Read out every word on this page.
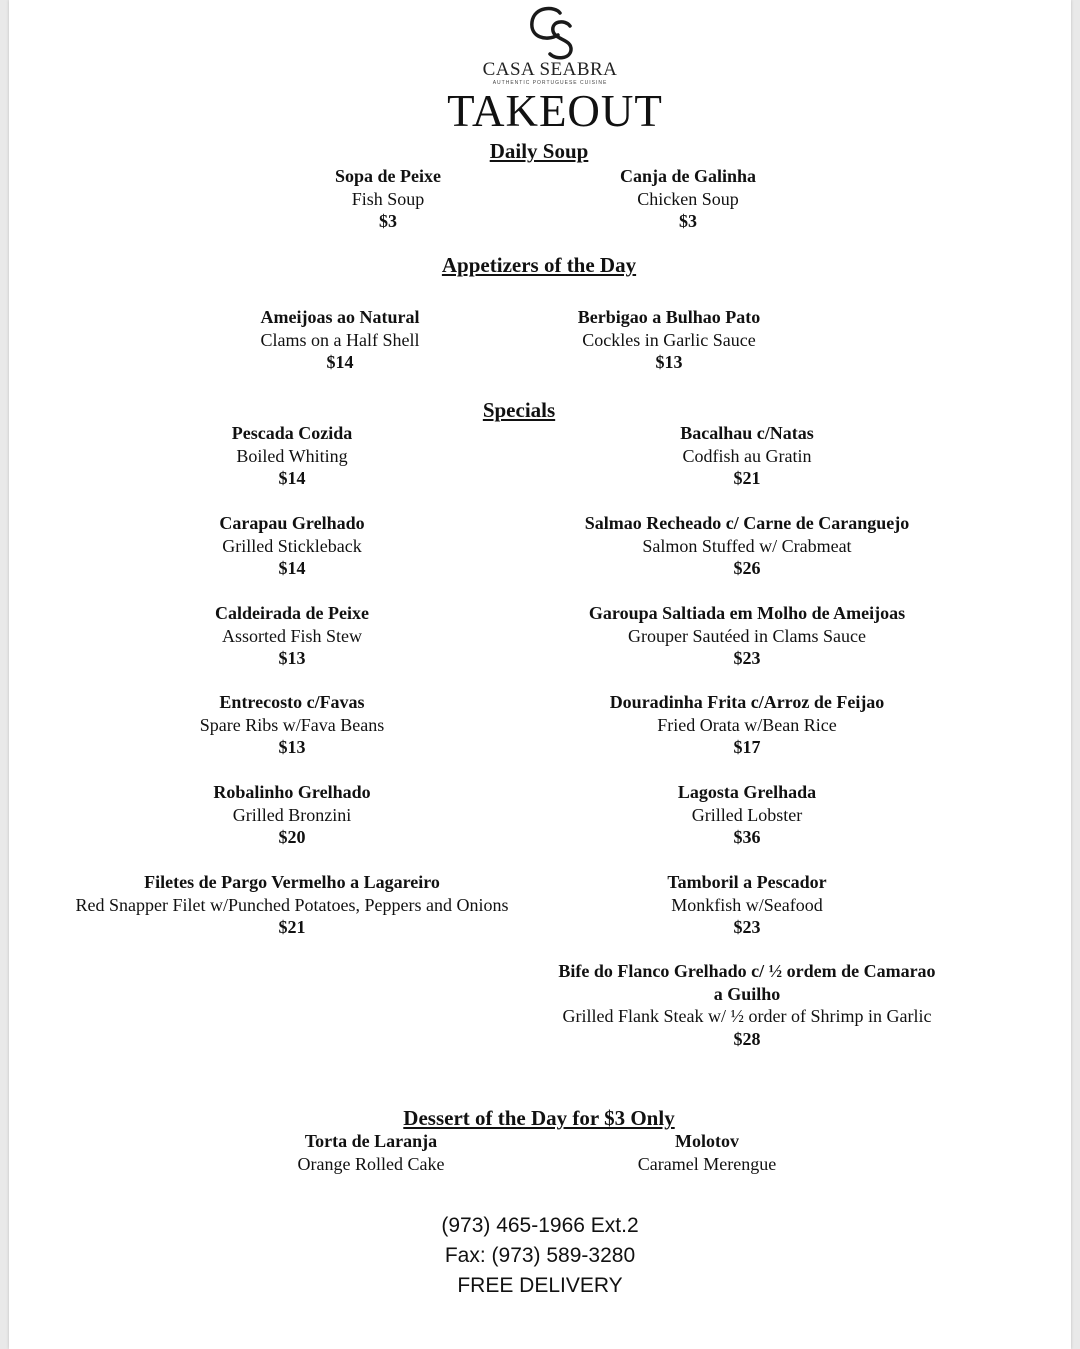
CASA SEABRA
AUTHENTIC PORTUGUESE CUISINE
TAKEOUT
Daily Soup
Sopa de Peixe
Fish Soup
$3
Canja de Galinha
Chicken Soup
$3
Appetizers of the Day
Ameijoas ao Natural
Clams on a Half Shell
$14
Berbigao a Bulhao Pato
Cockles in Garlic Sauce
$13
Specials
Pescada Cozida
Boiled Whiting
$14
Carapau Grelhado
Grilled Stickleback
$14
Caldeirada de Peixe
Assorted Fish Stew
$13
Entrecosto c/Favas
Spare Ribs w/Fava Beans
$13
Robalinho Grelhado
Grilled Bronzini
$20
Filetes de Pargo Vermelho a Lagareiro
Red Snapper Filet w/Punched Potatoes, Peppers and Onions
$21
Bacalhau c/Natas
Codfish au Gratin
$21
Salmao Recheado c/ Carne de Caranguejo
Salmon Stuffed w/ Crabmeat
$26
Garoupa Saltiada em Molho de Ameijoas
Grouper Sautéed in Clams Sauce
$23
Douradinha Frita c/Arroz de Feijao
Fried Orata w/Bean Rice
$17
Lagosta Grelhada
Grilled Lobster
$36
Tamboril a Pescador
Monkfish w/Seafood
$23
Bife do Flanco Grelhado c/ ½ ordem de Camarao a Guilho
Grilled Flank Steak w/ ½ order of Shrimp in Garlic
$28
Dessert of the Day for $3 Only
Torta de Laranja
Orange Rolled Cake
Molotov
Caramel Merengue
(973) 465-1966 Ext.2
Fax: (973) 589-3280
FREE DELIVERY
